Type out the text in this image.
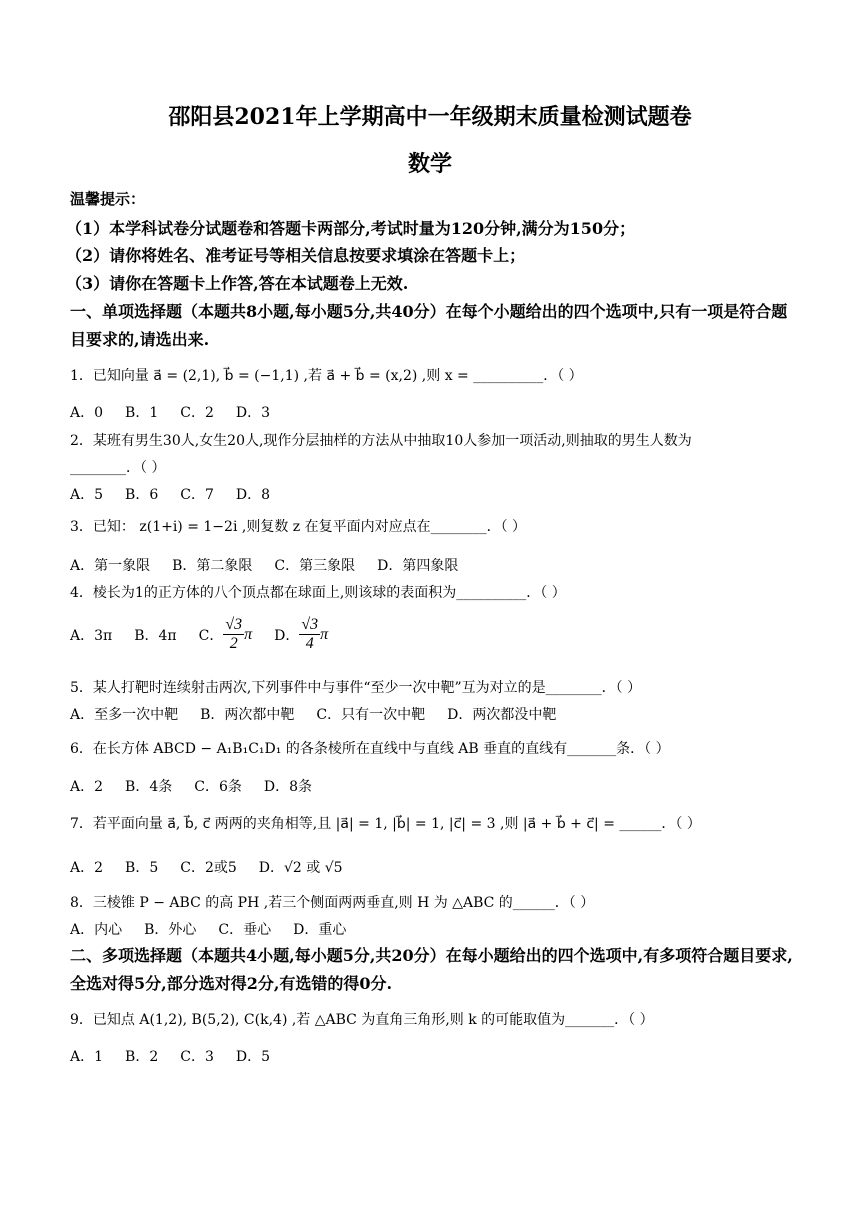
邵阳县2021年上学期高中一年级期末质量检测试题卷
数学
温馨提示：
（1）本学科试卷分试题卷和答题卡两部分,考试时量为120分钟,满分为150分；
（2）请你将姓名、准考证号等相关信息按要求填涂在答题卡上；
（3）请你在答题卡上作答,答在本试题卷上无效.
一、单项选择题（本题共8小题,每小题5分,共40分）在每个小题给出的四个选项中,只有一项是符合题目要求的,请选出来.
1．已知向量 a⃗ = (2,1), b⃗ = (−1,1) ,若 a⃗ + b⃗ = (x,2) ,则 x = __________．（ ）
A．0 B．1 C．2 D．3
2．某班有男生30人,女生20人,现作分层抽样的方法从中抽取10人参加一项活动,则抽取的男生人数为
________．（ ）
A．5 B．6 C．7 D．8
3．已知： z(1+i) = 1−2i ,则复数 z 在复平面内对应点在________．（ ）
A．第一象限 B．第二象限 C．第三象限 D．第四象限
4．棱长为1的正方体的八个顶点都在球面上,则该球的表面积为__________．（ ）
A．3π B．4π C． $\frac{√3}{2}$ π D． $\frac{√3}{4}$ π
5．某人打靶时连续射击两次,下列事件中与事件“至少一次中靶”互为对立的是________．（ ）
A．至多一次中靶 B．两次都中靶 C．只有一次中靶 D．两次都没中靶
6．在长方体 ABCD − A₁B₁C₁D₁ 的各条棱所在直线中与直线 AB 垂直的直线有_______条．（ ）
A．2 B．4条 C．6条 D．8条
7．若平面向量 a⃗, b⃗, c⃗ 两两的夹角相等,且 |a⃗| = 1, |b⃗| = 1, |c⃗| = 3 ,则 |a⃗ + b⃗ + c⃗| = ______．（ ）
A．2 B．5 C．2或5 D．√2 或 √5
8．三棱锥 P − ABC 的高 PH ,若三个侧面两两垂直,则 H 为 △ABC 的______．（ ）
A．内心 B．外心 C．垂心 D．重心
二、多项选择题（本题共4小题,每小题5分,共20分）在每小题给出的四个选项中,有多项符合题目要求,全选对得5分,部分选对得2分,有选错的得0分.
9．已知点 A(1,2), B(5,2), C(k,4) ,若 △ABC 为直角三角形,则 k 的可能取值为_______．（ ）
A．1 B．2 C．3 D．5
